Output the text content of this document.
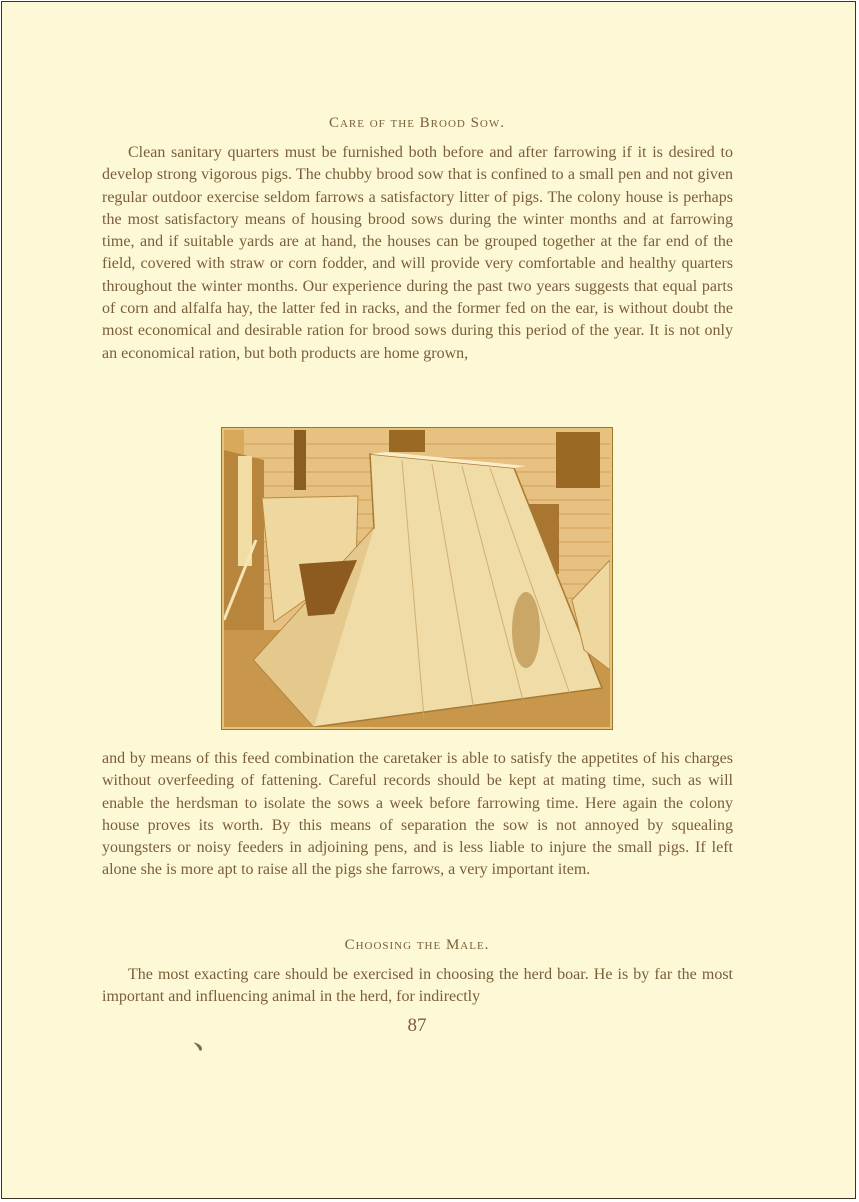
Care of the Brood Sow.

Clean sanitary quarters must be furnished both before and after farrowing if it is desired to develop strong vigorous pigs. The chubby brood sow that is confined to a small pen and not given regular outdoor exercise seldom farrows a satisfactory litter of pigs. The colony house is perhaps the most satisfactory means of housing brood sows during the winter months and at farrowing time, and if suitable yards are at hand, the houses can be grouped together at the far end of the field, covered with straw or corn fodder, and will provide very comfortable and healthy quarters throughout the winter months. Our experience during the past two years suggests that equal parts of corn and alfalfa hay, the latter fed in racks, and the former fed on the ear, is without doubt the most economical and desirable ration for brood sows during this period of the year. It is not only an economical ration, but both products are home grown,

and by means of this feed combination the caretaker is able to satisfy the appetites of his charges without overfeeding of fattening. Careful records should be kept at mating time, such as will enable the herdsman to isolate the sows a week before farrowing time. Here again the colony house proves its worth. By this means of separation the sow is not annoyed by squealing youngsters or noisy feeders in adjoining pens, and is less liable to injure the small pigs. If left alone she is more apt to raise all the pigs she farrows, a very important item.

Choosing the Male.

The most exacting care should be exercised in choosing the herd boar. He is by far the most important and influencing animal in the herd, for indirectly

87
﹅
